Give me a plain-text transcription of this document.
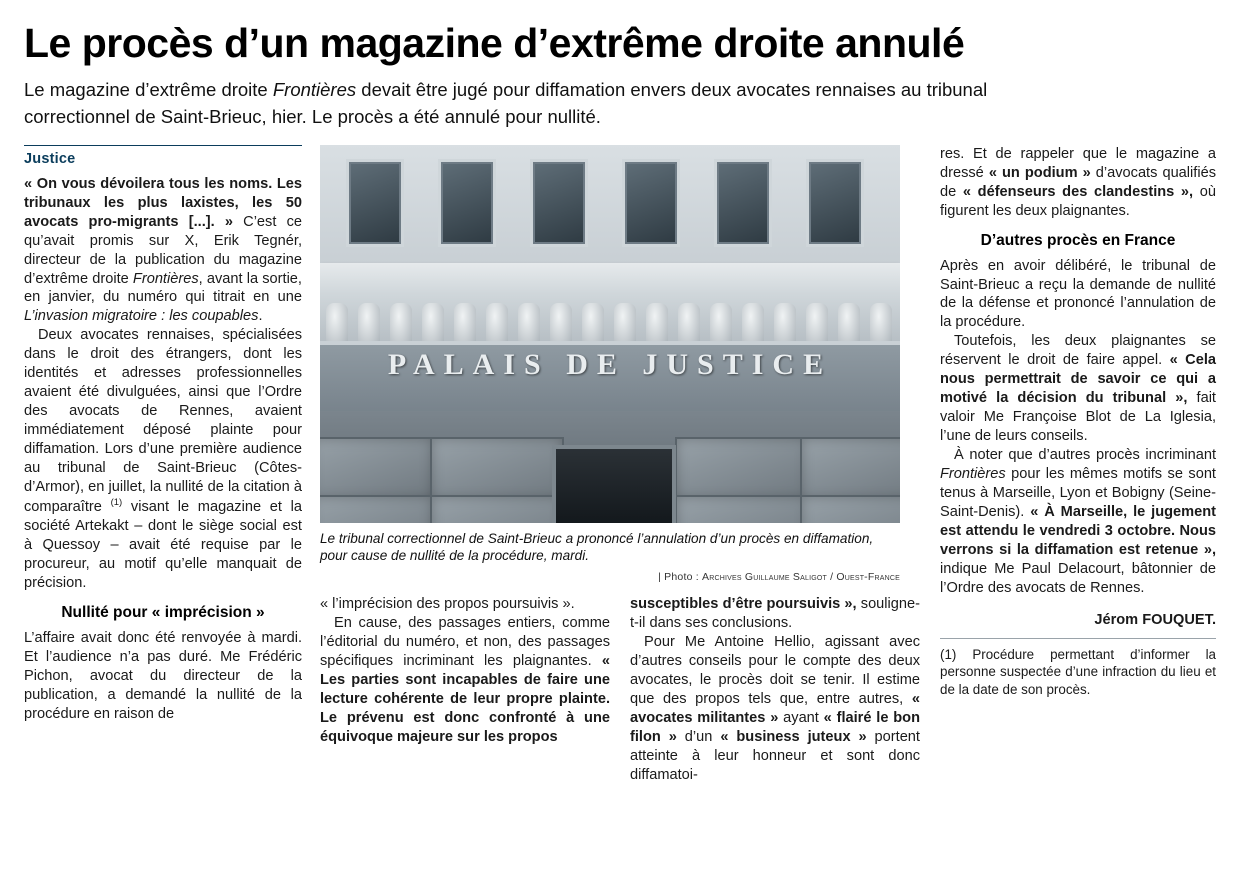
Le procès d’un magazine d’extrême droite annulé

Le magazine d’extrême droite Frontières devait être jugé pour diffamation envers deux avocates rennaises au tribunal correctionnel de Saint-Brieuc, hier. Le procès a été annulé pour nullité.

Justice

« On vous dévoilera tous les noms. Les tribunaux les plus laxistes, les 50 avocats pro-migrants [...]. » C’est ce qu’avait promis sur X, Erik Tegnér, directeur de la publication du magazine d’extrême droite Frontières, avant la sortie, en janvier, du numéro qui titrait en une L’invasion migratoire : les coupables.

Deux avocates rennaises, spécialisées dans le droit des étrangers, dont les identités et adresses professionnelles avaient été divulguées, ainsi que l’Ordre des avocats de Rennes, avaient immédiatement déposé plainte pour diffamation. Lors d’une première audience au tribunal de Saint-Brieuc (Côtes-d’Armor), en juillet, la nullité de la citation à comparaître $^{(1)}$ visant le magazine et la société Artekakt – dont le siège social est à Quessoy – avait été requise par le procureur, au motif qu’elle manquait de précision.

Nullité pour « imprécision »

L’affaire avait donc été renvoyée à mardi. Et l’audience n’a pas duré. Me Frédéric Pichon, avocat du directeur de la publication, a demandé la nullité de la procédure en raison de

PALAIS DE JUSTICE

Le tribunal correctionnel de Saint-Brieuc a prononcé l’annulation d’un procès en diffamation, pour cause de nullité de la procédure, mardi.

| Photo : Archives Guillaume Saligot / Ouest-France

« l’imprécision des propos poursuivis ».

En cause, des passages entiers, comme l’éditorial du numéro, et non, des passages spécifiques incriminant les plaignantes. « Les parties sont incapables de faire une lecture cohérente de leur propre plainte. Le prévenu est donc confronté à une équivoque majeure sur les propos

susceptibles d’être poursuivis », souligne-t-il dans ses conclusions.

Pour Me Antoine Hellio, agissant avec d’autres conseils pour le compte des deux avocates, le procès doit se tenir. Il estime que des propos tels que, entre autres, « avocates militantes » ayant « flairé le bon filon » d’un « business juteux » portent atteinte à leur honneur et sont donc diffamatoi-

res. Et de rappeler que le magazine a dressé « un podium » d’avocats qualifiés de « défenseurs des clandestins », où figurent les deux plaignantes.

D’autres procès en France

Après en avoir délibéré, le tribunal de Saint-Brieuc a reçu la demande de nullité de la défense et prononcé l’annulation de la procédure.

Toutefois, les deux plaignantes se réservent le droit de faire appel. « Cela nous permettrait de savoir ce qui a motivé la décision du tribunal », fait valoir Me Françoise Blot de La Iglesia, l’une de leurs conseils.

À noter que d’autres procès incriminant Frontières pour les mêmes motifs se sont tenus à Marseille, Lyon et Bobigny (Seine-Saint-Denis). « À Marseille, le jugement est attendu le vendredi 3 octobre. Nous verrons si la diffamation est retenue », indique Me Paul Delacourt, bâtonnier de l’Ordre des avocats de Rennes.

Jérom FOUQUET.

(1) Procédure permettant d’informer la personne suspectée d’une infraction du lieu et de la date de son procès.
